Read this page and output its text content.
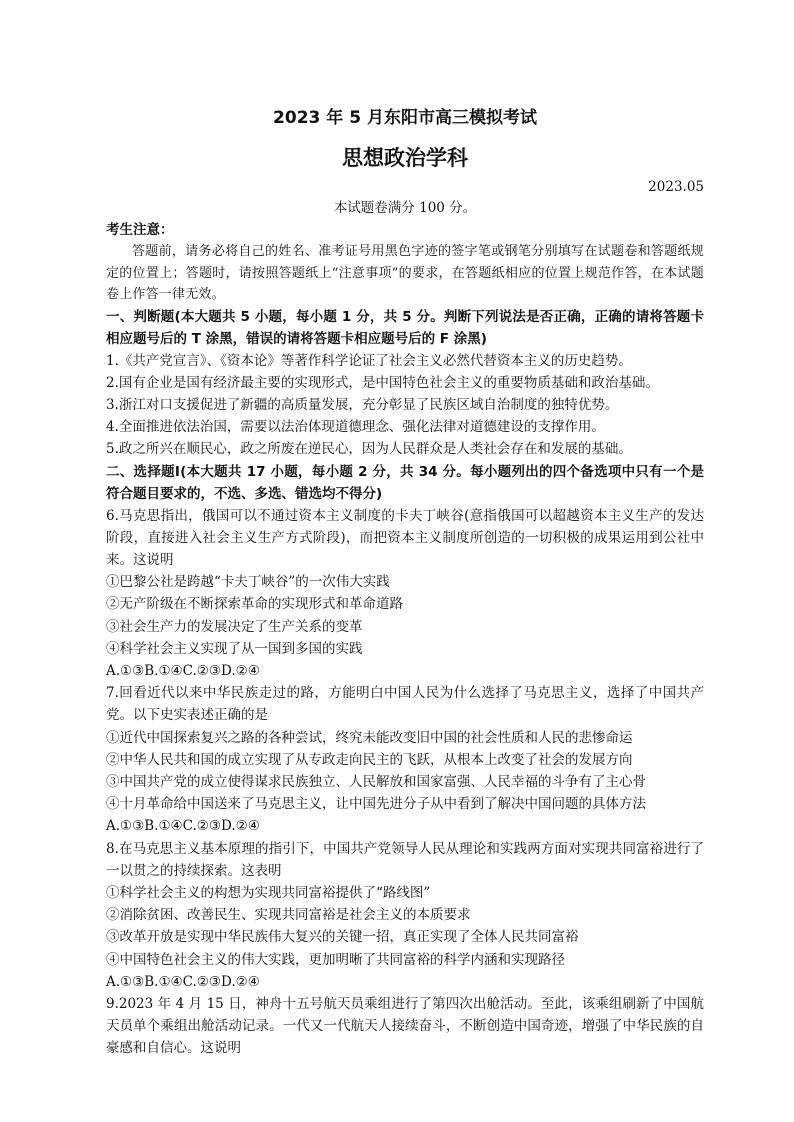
2023 年 5 月东阳市高三模拟考试
思想政治学科
2023.05
本试题卷满分 100 分。
考生注意：

答题前，请务必将自己的姓名、准考证号用黑色字迹的签字笔或钢笔分别填写在试题卷和答题纸规定的位置上；答题时，请按照答题纸上“注意事项”的要求，在答题纸相应的位置上规范作答，在本试题卷上作答一律无效。

一、判断题(本大题共 5 小题，每小题 1 分，共 5 分。判断下列说法是否正确，正确的请将答题卡相应题号后的 T 涂黑，错误的请将答题卡相应题号后的 F 涂黑)

1.《共产党宣言》、《资本论》等著作科学论证了社会主义必然代替资本主义的历史趋势。

2.国有企业是国有经济最主要的实现形式，是中国特色社会主义的重要物质基础和政治基础。

3.浙江对口支援促进了新疆的高质量发展，充分彰显了民族区域自治制度的独特优势。

4.全面推进依法治国，需要以法治体现道德理念、强化法律对道德建设的支撑作用。

5.政之所兴在顺民心，政之所废在逆民心，因为人民群众是人类社会存在和发展的基础。

二、选择题Ⅰ(本大题共 17 小题，每小题 2 分，共 34 分。每小题列出的四个备选项中只有一个是符合题目要求的，不选、多选、错选均不得分)

6.马克思指出，俄国可以不通过资本主义制度的卡夫丁峡谷(意指俄国可以超越资本主义生产的发达阶段，直接进入社会主义生产方式阶段)，而把资本主义制度所创造的一切积极的成果运用到公社中来。这说明

①巴黎公社是跨越“卡夫丁峡谷”的一次伟大实践

②无产阶级在不断探索革命的实现形式和革命道路

③社会生产力的发展决定了生产关系的变革

④科学社会主义实现了从一国到多国的实践

A.①③B.①④C.②③D.②④

7.回看近代以来中华民族走过的路，方能明白中国人民为什么选择了马克思主义，选择了中国共产党。以下史实表述正确的是

①近代中国探索复兴之路的各种尝试，终究未能改变旧中国的社会性质和人民的悲惨命运

②中华人民共和国的成立实现了从专政走向民主的飞跃，从根本上改变了社会的发展方向

③中国共产党的成立使得谋求民族独立、人民解放和国家富强、人民幸福的斗争有了主心骨

④十月革命给中国送来了马克思主义，让中国先进分子从中看到了解决中国问题的具体方法

A.①③B.①④C.②③D.②④

8.在马克思主义基本原理的指引下，中国共产党领导人民从理论和实践两方面对实现共同富裕进行了一以贯之的持续探索。这表明

①科学社会主义的构想为实现共同富裕提供了“路线图”

②消除贫困、改善民生、实现共同富裕是社会主义的本质要求

③改革开放是实现中华民族伟大复兴的关键一招，真正实现了全体人民共同富裕

④中国特色社会主义的伟大实践，更加明晰了共同富裕的科学内涵和实现路径

A.①③B.①④C.②③D.②④

9.2023 年 4 月 15 日，神舟十五号航天员乘组进行了第四次出舱活动。至此，该乘组刷新了中国航天员单个乘组出舱活动记录。一代又一代航天人接续奋斗，不断创造中国奇迹，增强了中华民族的自豪感和自信心。这说明
